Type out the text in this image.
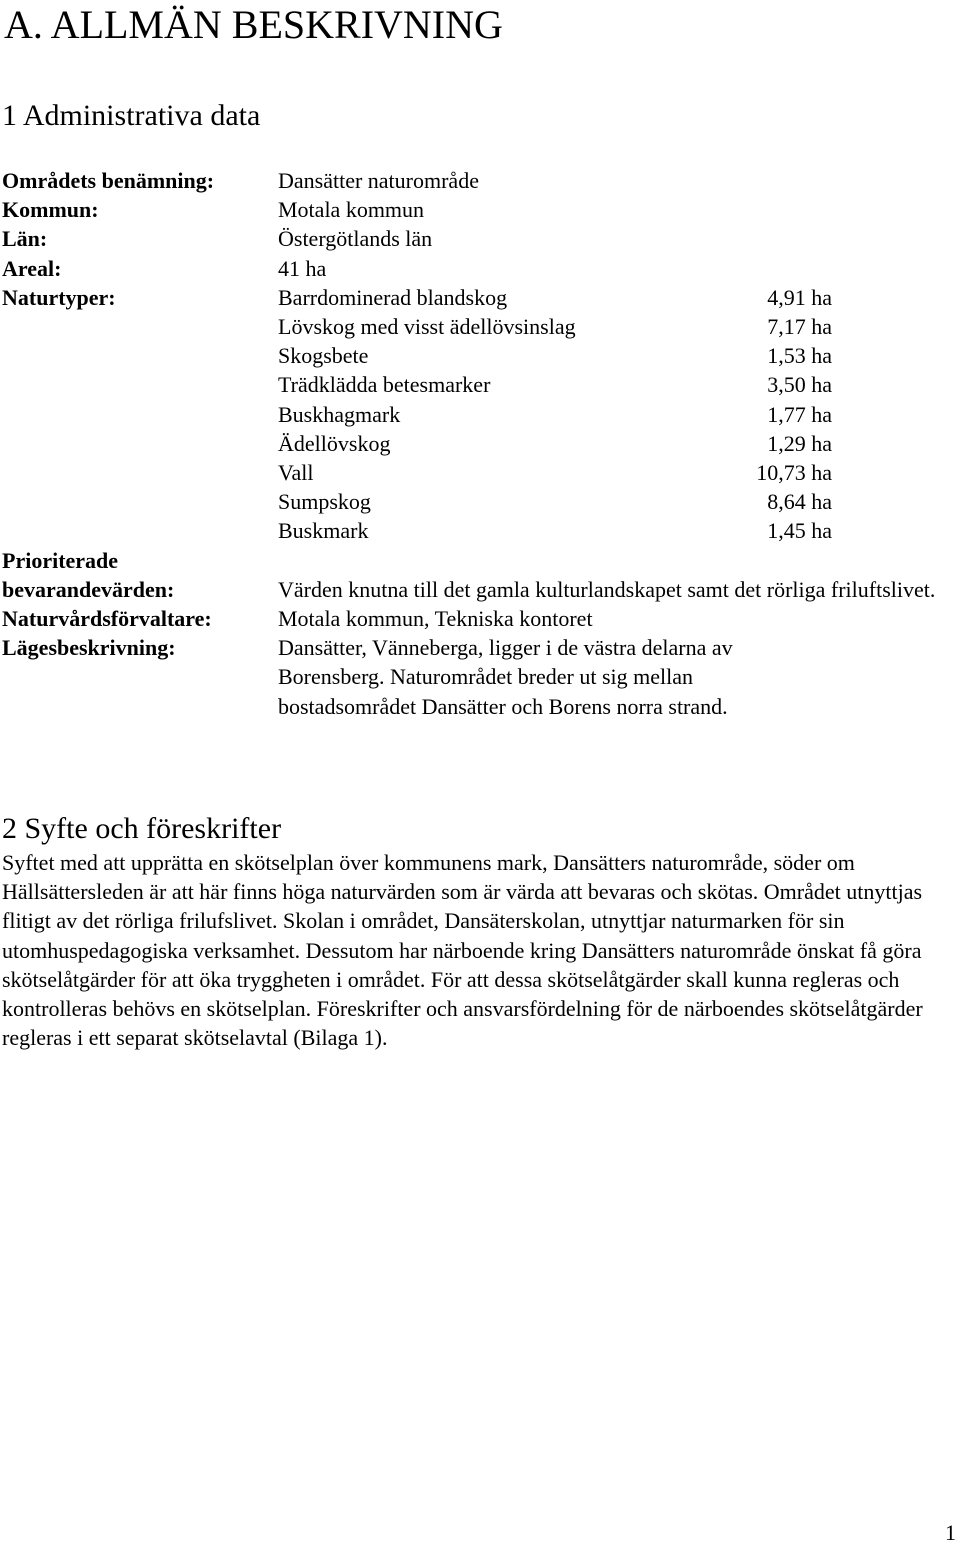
A. ALLMÄN BESKRIVNING
1 Administrativa data
Områdets benämning:	Dansätter naturområde
Kommun:	Motala kommun
Län:	Östergötlands län
Areal:	41 ha
Naturtyper:	Barrdominerad blandskog	4,91 ha
Lövskog med visst ädellövsinslag	7,17 ha
Skogsbete	1,53 ha
Trädklädda betesmarker	3,50 ha
Buskhagmark	1,77 ha
Ädellövskog	1,29 ha
Vall	10,73 ha
Sumpskog	8,64 ha
Buskmark	1,45 ha
Prioriterade
bevarandevärden:	Värden knutna till det gamla kulturlandskapet samt det rörliga friluftslivet.
Naturvårdsförvaltare:	Motala kommun, Tekniska kontoret
Lägesbeskrivning:	Dansätter, Vänneberga, ligger i de västra delarna av Borensberg. Naturområdet breder ut sig mellan bostadsområdet Dansätter och Borens norra strand.
2 Syfte och föreskrifter
Syftet med att upprätta en skötselplan över kommunens mark, Dansätters naturområde, söder om Hällsättersleden är att här finns höga naturvärden som är värda att bevaras och skötas. Området utnyttjas flitigt av det rörliga frilufslivet. Skolan i området, Dansäterskolan, utnyttjar naturmarken för sin utomhuspedagogiska verksamhet. Dessutom har närboende kring Dansätters naturområde önskat få göra skötselåtgärder för att öka tryggheten i området. För att dessa skötselåtgärder skall kunna regleras och kontrolleras behövs en skötselplan. Föreskrifter och ansvarsfördelning för de närboendes skötselåtgärder regleras i ett separat skötselavtal (Bilaga 1).
1
